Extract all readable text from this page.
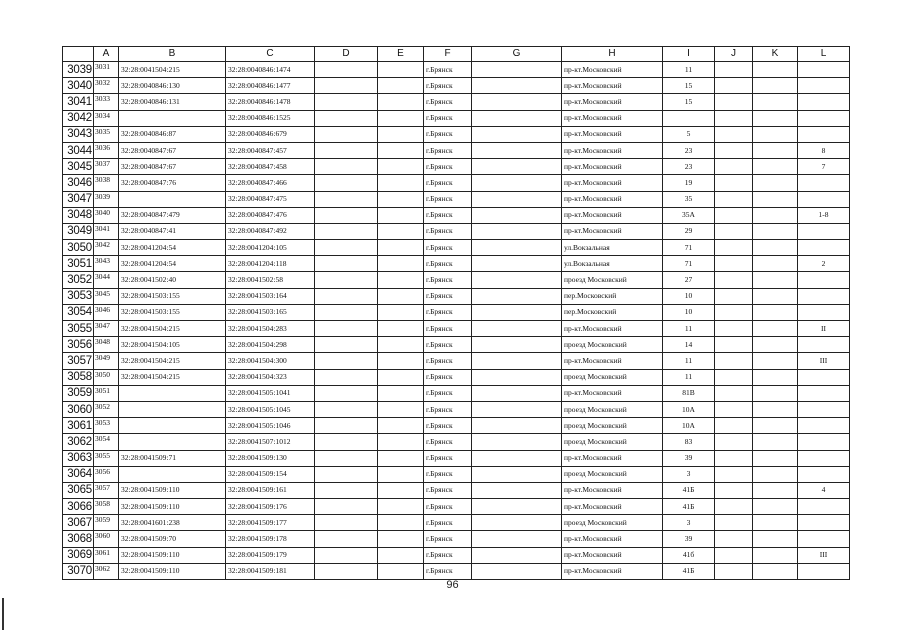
	A	B	C	D	E	F	G	H	I	J	K	L
3039	3031	32:28:0041504:215	32:28:0040846:1474			г.Брянск		пр-кт.Московский	11			
3040	3032	32:28:0040846:130	32:28:0040846:1477			г.Брянск		пр-кт.Московский	15			
3041	3033	32:28:0040846:131	32:28:0040846:1478			г.Брянск		пр-кт.Московский	15			
3042	3034		32:28:0040846:1525			г.Брянск		пр-кт.Московский				
3043	3035	32:28:0040846:87	32:28:0040846:679			г.Брянск		пр-кт.Московский	5			
3044	3036	32:28:0040847:67	32:28:0040847:457			г.Брянск		пр-кт.Московский	23			8
3045	3037	32:28:0040847:67	32:28:0040847:458			г.Брянск		пр-кт.Московский	23			7
3046	3038	32:28:0040847:76	32:28:0040847:466			г.Брянск		пр-кт.Московский	19			
3047	3039		32:28:0040847:475			г.Брянск		пр-кт.Московский	35			
3048	3040	32:28:0040847:479	32:28:0040847:476			г.Брянск		пр-кт.Московский	35А			1-8
3049	3041	32:28:0040847:41	32:28:0040847:492			г.Брянск		пр-кт.Московский	29			
3050	3042	32:28:0041204:54	32:28:0041204:105			г.Брянск		ул.Вокзальная	71			
3051	3043	32:28:0041204:54	32:28:0041204:118			г.Брянск		ул.Вокзальная	71			2
3052	3044	32:28:0041502:40	32:28:0041502:58			г.Брянск		проезд Московский	27			
3053	3045	32:28:0041503:155	32:28:0041503:164			г.Брянск		пер.Московский	10			
3054	3046	32:28:0041503:155	32:28:0041503:165			г.Брянск		пер.Московский	10			
3055	3047	32:28:0041504:215	32:28:0041504:283			г.Брянск		пр-кт.Московский	11			II
3056	3048	32:28:0041504:105	32:28:0041504:298			г.Брянск		проезд Московский	14			
3057	3049	32:28:0041504:215	32:28:0041504:300			г.Брянск		пр-кт.Московский	11			III
3058	3050	32:28:0041504:215	32:28:0041504:323			г.Брянск		проезд Московский	11			
3059	3051		32:28:0041505:1041			г.Брянск		пр-кт.Московский	81В			
3060	3052		32:28:0041505:1045			г.Брянск		проезд Московский	10А			
3061	3053		32:28:0041505:1046			г.Брянск		проезд Московский	10А			
3062	3054		32:28:0041507:1012			г.Брянск		проезд Московский	83			
3063	3055	32:28:0041509:71	32:28:0041509:130			г.Брянск		пр-кт.Московский	39			
3064	3056		32:28:0041509:154			г.Брянск		проезд Московский	3			
3065	3057	32:28:0041509:110	32:28:0041509:161			г.Брянск		пр-кт.Московский	41Б			4
3066	3058	32:28:0041509:110	32:28:0041509:176			г.Брянск		пр-кт.Московский	41Б			
3067	3059	32:28:0041601:238	32:28:0041509:177			г.Брянск		проезд Московский	3			
3068	3060	32:28:0041509:70	32:28:0041509:178			г.Брянск		пр-кт.Московский	39			
3069	3061	32:28:0041509:110	32:28:0041509:179			г.Брянск		пр-кт.Московский	41б			III
3070	3062	32:28:0041509:110	32:28:0041509:181			г.Брянск		пр-кт.Московский	41Б			
96
